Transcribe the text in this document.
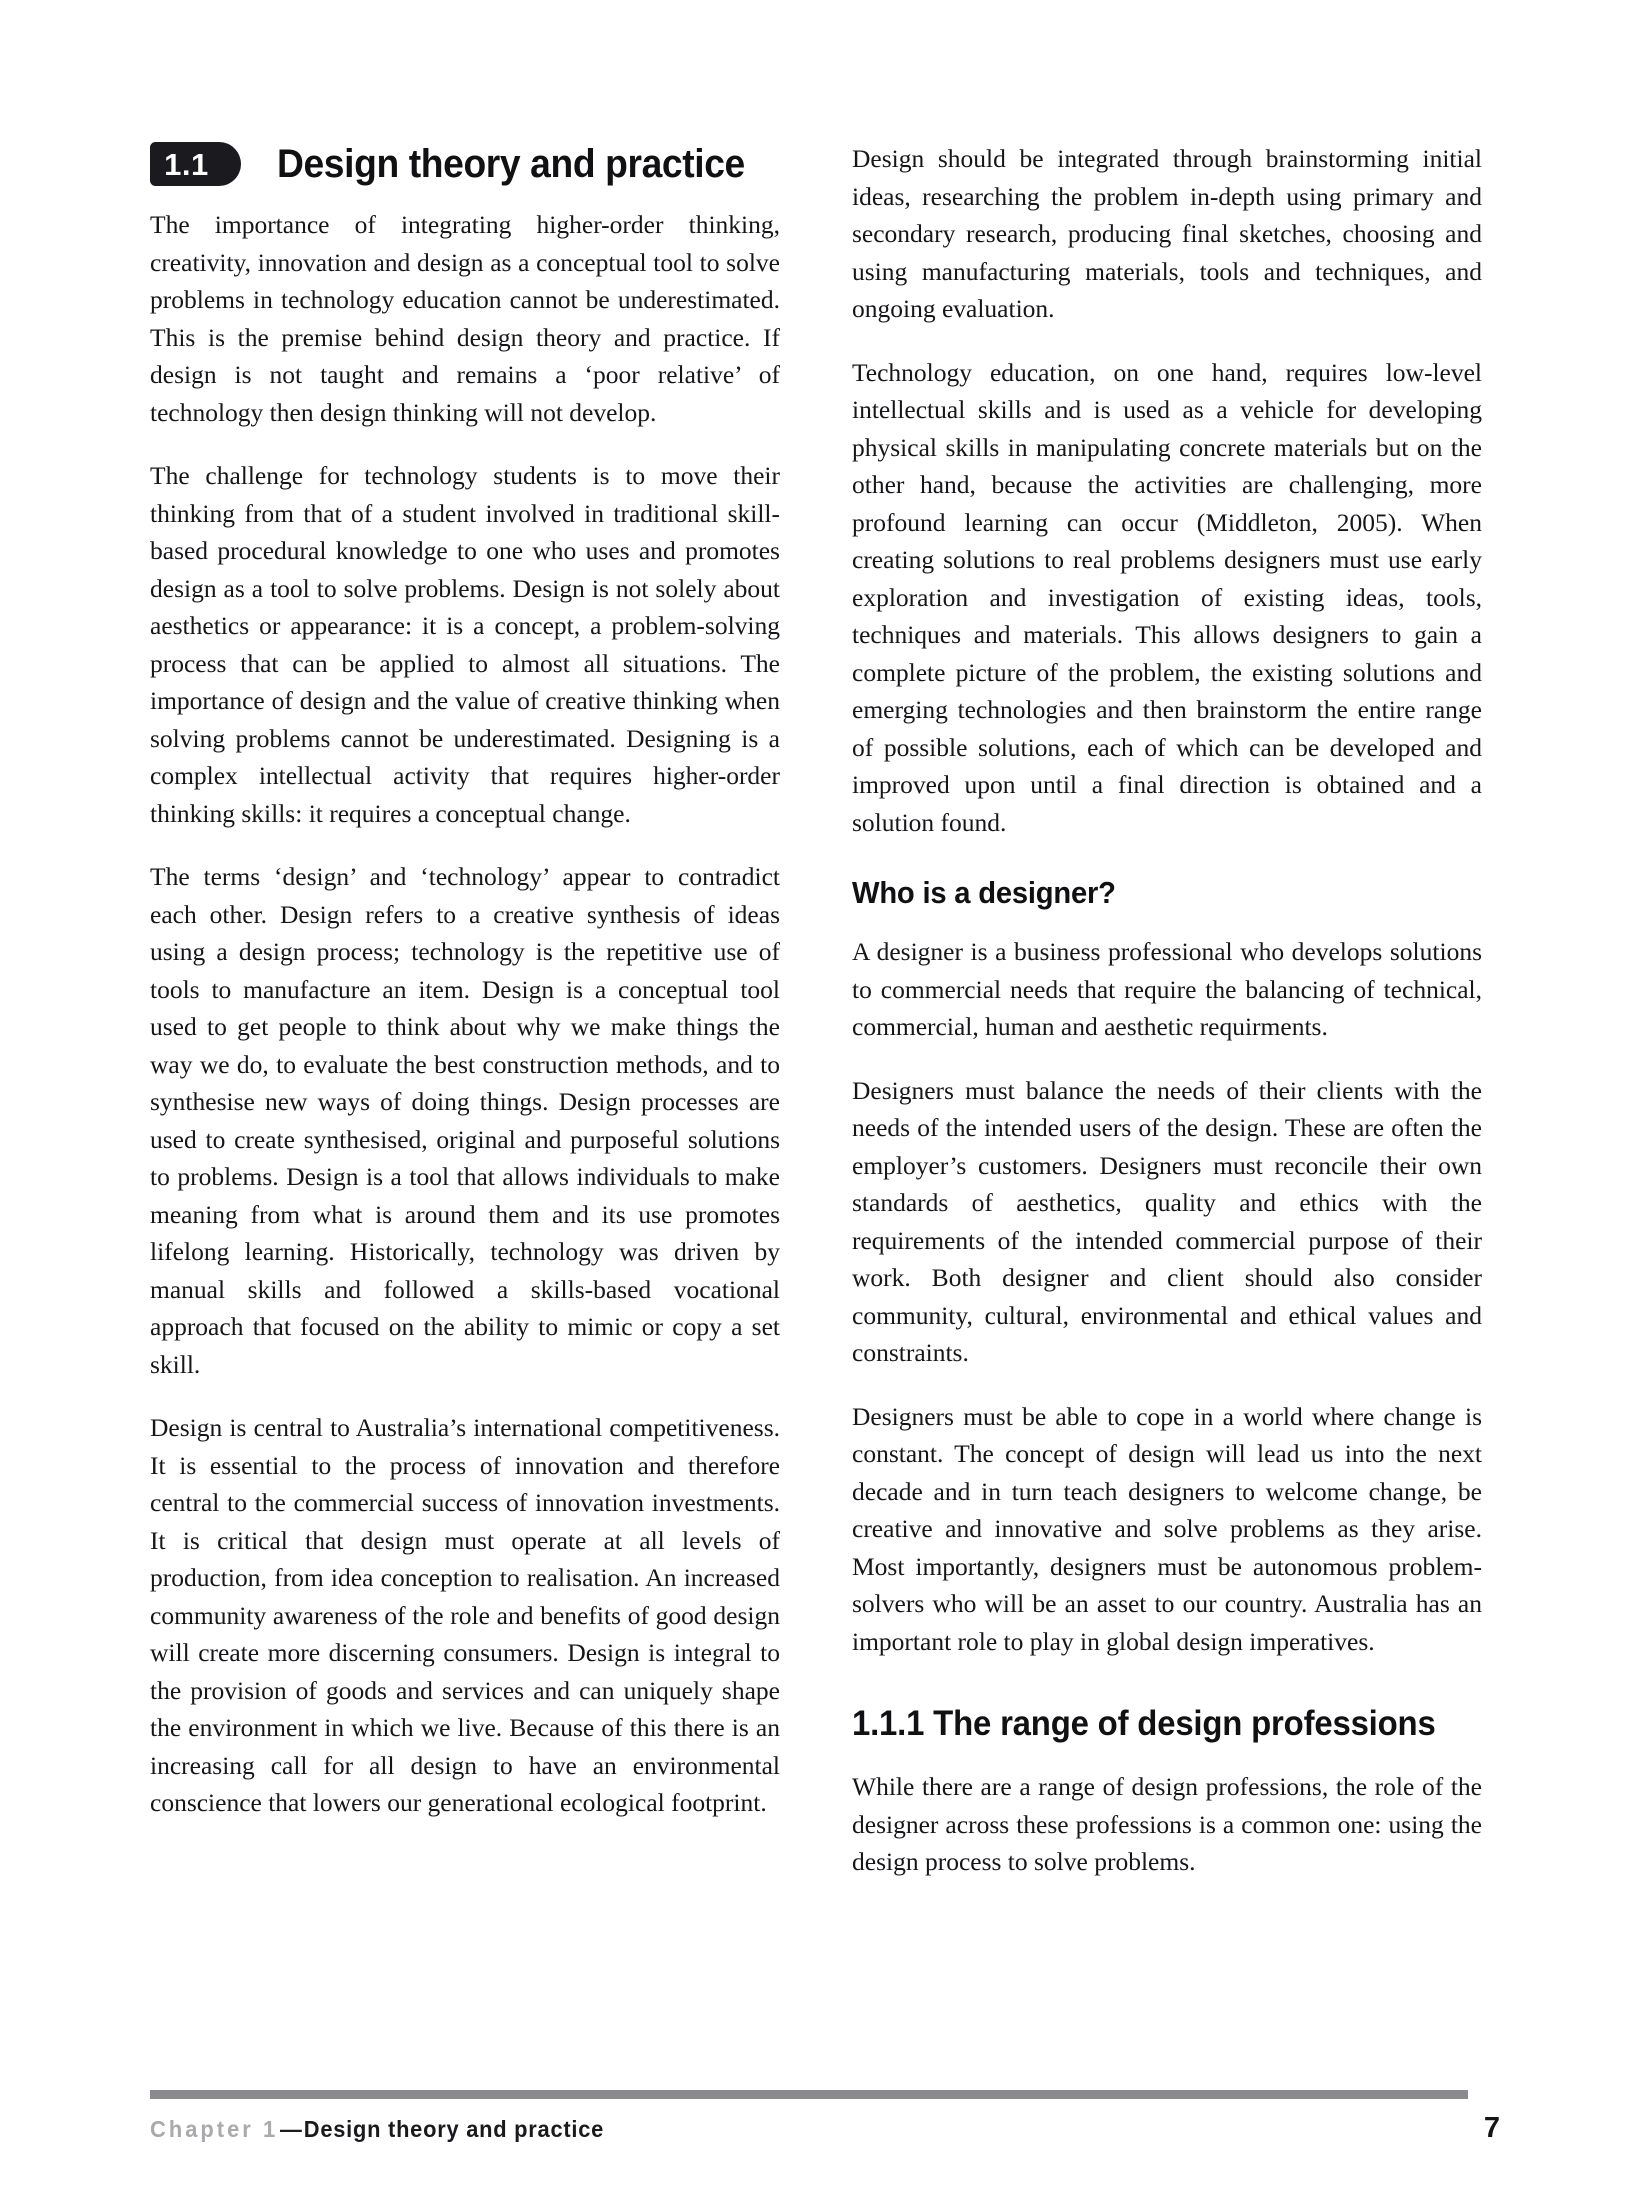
1.1	Design theory and practice

The importance of integrating higher-order thinking, creativity, innovation and design as a conceptual tool to solve problems in technology education cannot be underestimated. This is the premise behind design theory and practice. If design is not taught and remains a ‘poor relative’ of technology then design thinking will not develop.

The challenge for technology students is to move their thinking from that of a student involved in traditional skill-based procedural knowledge to one who uses and promotes design as a tool to solve problems. Design is not solely about aesthetics or appearance: it is a concept, a problem-solving process that can be applied to almost all situations. The importance of design and the value of creative thinking when solving problems cannot be underestimated. Designing is a complex intellectual activity that requires higher-order thinking skills: it requires a conceptual change.

The terms ‘design’ and ‘technology’ appear to contradict each other. Design refers to a creative synthesis of ideas using a design process; technology is the repetitive use of tools to manufacture an item. Design is a conceptual tool used to get people to think about why we make things the way we do, to evaluate the best construction methods, and to synthesise new ways of doing things. Design processes are used to create synthesised, original and purposeful solutions to problems. Design is a tool that allows individuals to make meaning from what is around them and its use promotes lifelong learning. Historically, technology was driven by manual skills and followed a skills-based vocational approach that focused on the ability to mimic or copy a set skill.

Design is central to Australia’s international competitiveness. It is essential to the process of innovation and therefore central to the commercial success of innovation investments. It is critical that design must operate at all levels of production, from idea conception to realisation. An increased community awareness of the role and benefits of good design will create more discerning consumers. Design is integral to the provision of goods and services and can uniquely shape the environment in which we live. Because of this there is an increasing call for all design to have an environmental conscience that lowers our generational ecological footprint.

Design should be integrated through brainstorming initial ideas, researching the problem in-depth using primary and secondary research, producing final sketches, choosing and using manufacturing materials, tools and techniques, and ongoing evaluation.

Technology education, on one hand, requires low-level intellectual skills and is used as a vehicle for developing physical skills in manipulating concrete materials but on the other hand, because the activities are challenging, more profound learning can occur (Middleton, 2005). When creating solutions to real problems designers must use early exploration and investigation of existing ideas, tools, techniques and materials. This allows designers to gain a complete picture of the problem, the existing solutions and emerging technologies and then brainstorm the entire range of possible solutions, each of which can be developed and improved upon until a final direction is obtained and a solution found.

Who is a designer?

A designer is a business professional who develops solutions to commercial needs that require the balancing of technical, commercial, human and aesthetic requirments.

Designers must balance the needs of their clients with the needs of the intended users of the design. These are often the employer’s customers. Designers must reconcile their own standards of aesthetics, quality and ethics with the requirements of the intended commercial purpose of their work. Both designer and client should also consider community, cultural, environmental and ethical values and constraints.

Designers must be able to cope in a world where change is constant. The concept of design will lead us into the next decade and in turn teach designers to welcome change, be creative and innovative and solve problems as they arise. Most importantly, designers must be autonomous problem-solvers who will be an asset to our country. Australia has an important role to play in global design imperatives.

1.1.1 The range of design professions

While there are a range of design professions, the role of the designer across these professions is a common one: using the design process to solve problems.

Chapter 1—Design theory and practice	7
